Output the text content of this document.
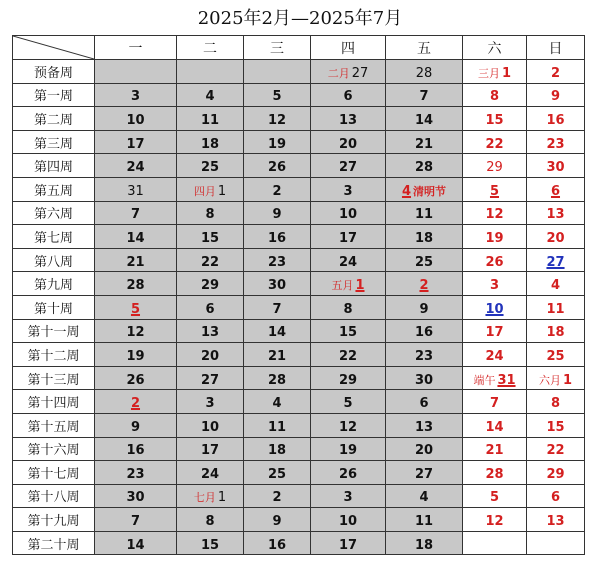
2025年2月—2025年7月
	一	二	三	四	五	六	日
预备周				二月 27	28	三月 1	2
第一周	3	4	5	6	7	8	9
第二周	10	11	12	13	14	15	16
第三周	17	18	19	20	21	22	23
第四周	24	25	26	27	28	29	30
第五周	31	四月 1	2	3	4 清明节	5	6
第六周	7	8	9	10	11	12	13
第七周	14	15	16	17	18	19	20
第八周	21	22	23	24	25	26	27
第九周	28	29	30	五月 1	2	3	4
第十周	5	6	7	8	9	10	11
第十一周	12	13	14	15	16	17	18
第十二周	19	20	21	22	23	24	25
第十三周	26	27	28	29	30	端午 31	六月 1
第十四周	2	3	4	5	6	7	8
第十五周	9	10	11	12	13	14	15
第十六周	16	17	18	19	20	21	22
第十七周	23	24	25	26	27	28	29
第十八周	30	七月 1	2	3	4	5	6
第十九周	7	8	9	10	11	12	13
第二十周	14	15	16	17	18		
